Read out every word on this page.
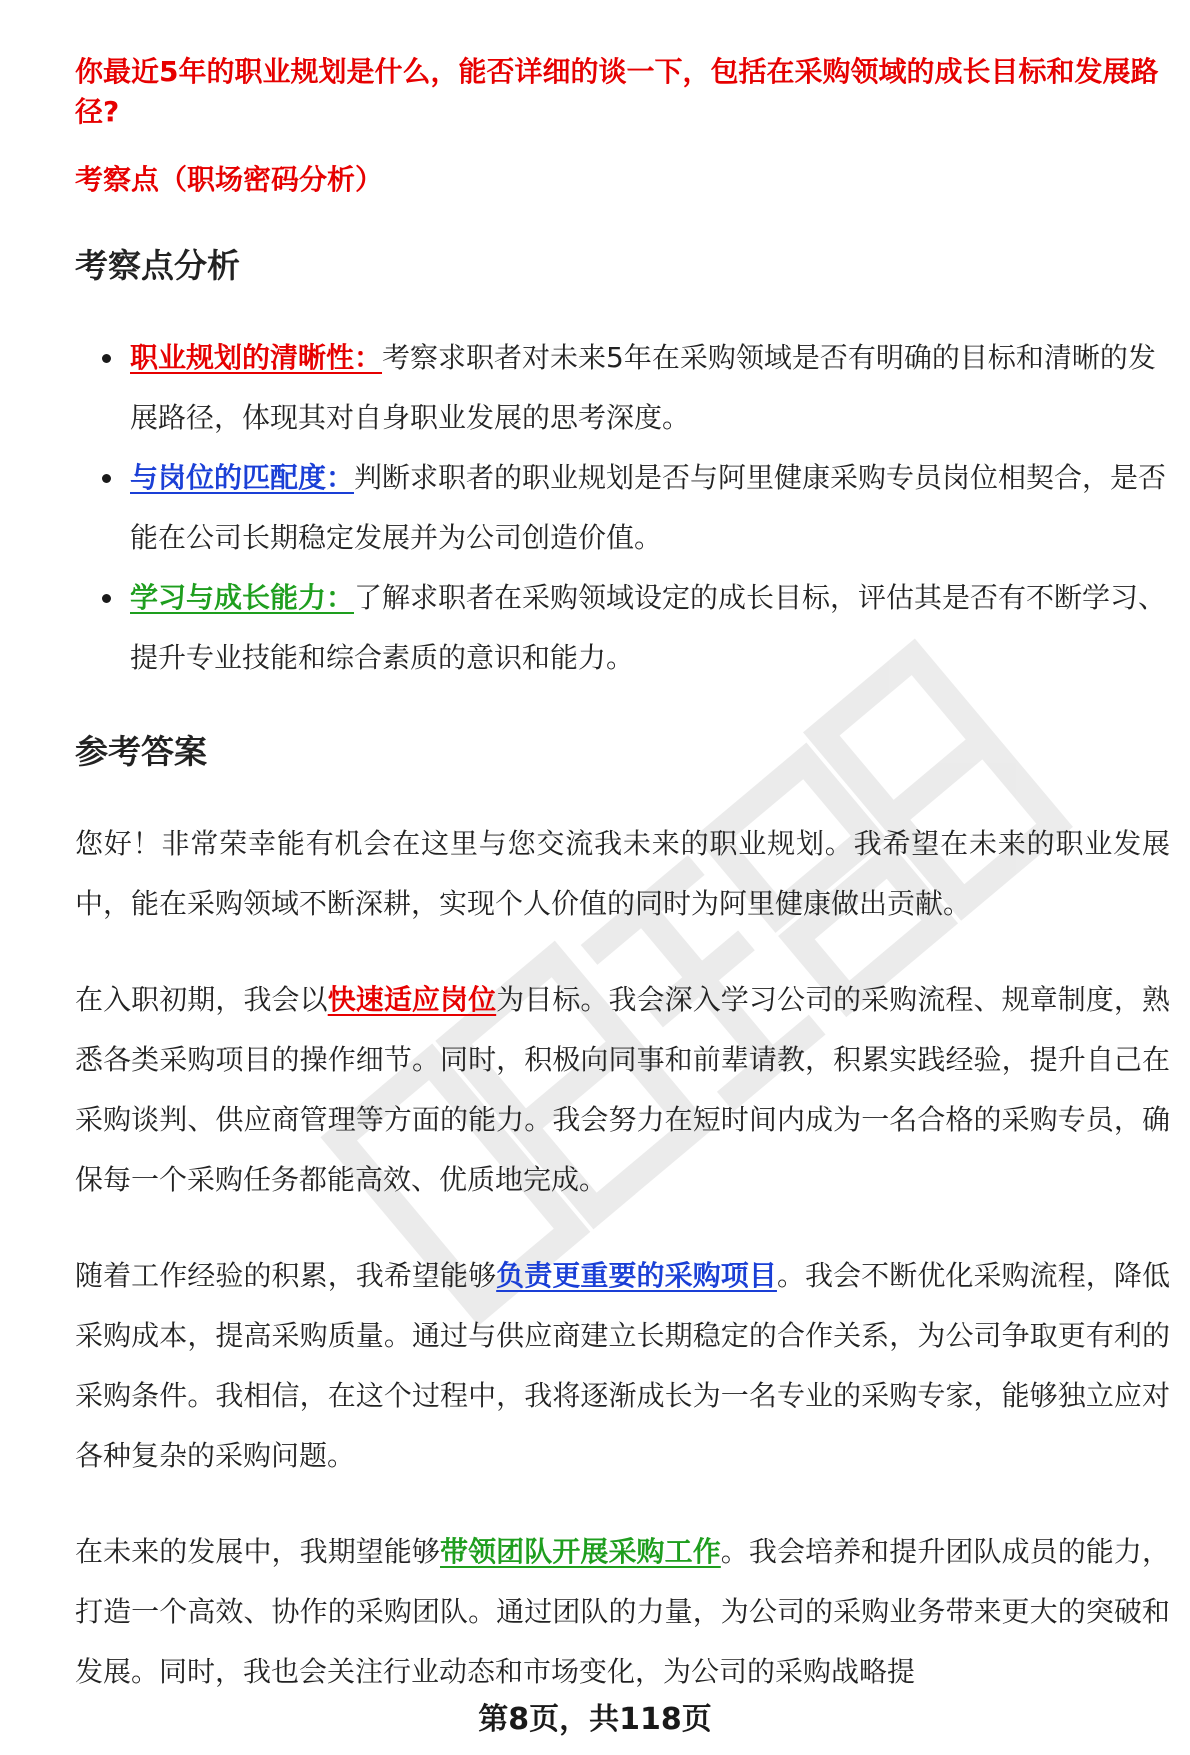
你最近5年的职业规划是什么，能否详细的谈一下，包括在采购领域的成长目标和发展路径?
考察点（职场密码分析）
考察点分析
职业规划的清晰性：考察求职者对未来5年在采购领域是否有明确的目标和清晰的发展路径，体现其对自身职业发展的思考深度。
与岗位的匹配度：判断求职者的职业规划是否与阿里健康采购专员岗位相契合，是否能在公司长期稳定发展并为公司创造价值。
学习与成长能力：了解求职者在采购领域设定的成长目标，评估其是否有不断学习、提升专业技能和综合素质的意识和能力。
参考答案

您好！非常荣幸能有机会在这里与您交流我未来的职业规划。我希望在未来的职业发展中，能在采购领域不断深耕，实现个人价值的同时为阿里健康做出贡献。

在入职初期，我会以快速适应岗位为目标。我会深入学习公司的采购流程、规章制度，熟悉各类采购项目的操作细节。同时，积极向同事和前辈请教，积累实践经验，提升自己在采购谈判、供应商管理等方面的能力。我会努力在短时间内成为一名合格的采购专员，确保每一个采购任务都能高效、优质地完成。

随着工作经验的积累，我希望能够负责更重要的采购项目。我会不断优化采购流程，降低采购成本，提高采购质量。通过与供应商建立长期稳定的合作关系，为公司争取更有利的采购条件。我相信，在这个过程中，我将逐渐成长为一名专业的采购专家，能够独立应对各种复杂的采购问题。

在未来的发展中，我期望能够带领团队开展采购工作。我会培养和提升团队成员的能力，打造一个高效、协作的采购团队。通过团队的力量，为公司的采购业务带来更大的突破和发展。同时，我也会关注行业动态和市场变化，为公司的采购战略提

第8页，共118页
